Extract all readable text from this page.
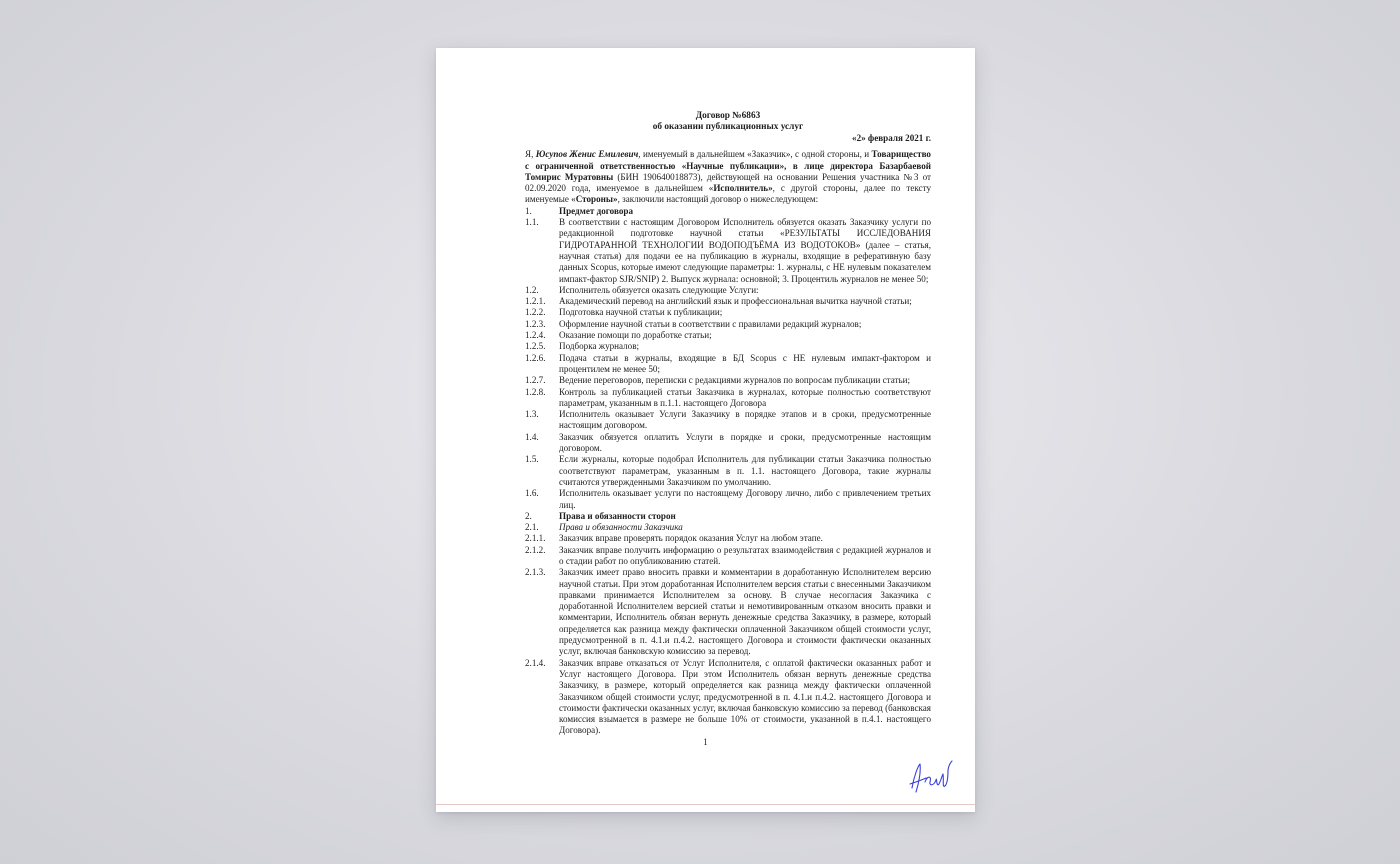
Договор №6863
об оказании публикационных услуг
«2» февраля 2021 г.
Я, Юсупов Женис Емилевич, именуемый в дальнейшем «Заказчик», с одной стороны, и Товарищество с ограниченной ответственностью «Научные публикации», в лице директора Базарбаевой Томирис Муратовны (БИН 190640018873), действующей на основании Решения участника №3 от 02.09.2020 года, именуемое в дальнейшем «Исполнитель», с другой стороны, далее по тексту именуемые «Стороны», заключили настоящий договор о нижеследующем:
1.	Предмет договора
1.1.	В соответствии с настоящим Договором Исполнитель обязуется оказать Заказчику услуги по редакционной подготовке научной статьи «РЕЗУЛЬТАТЫ ИССЛЕДОВАНИЯ ГИДРОТАРАННОЙ ТЕХНОЛОГИИ ВОДОПОДЪЁМА ИЗ ВОДОТОКОВ» (далее – статья, научная статья) для подачи ее на публикацию в журналы, входящие в реферативную базу данных Scopus, которые имеют следующие параметры: 1. журналы, с НЕ нулевым показателем импакт-фактор SJR/SNIP) 2. Выпуск журнала: основной; 3. Процентиль журналов не менее 50;
1.2.	Исполнитель обязуется оказать следующие Услуги:
1.2.1.	Академический перевод на английский язык и профессиональная вычитка научной статьи;
1.2.2.	Подготовка научной статьи к публикации;
1.2.3.	Оформление научной статьи в соответствии с правилами редакций журналов;
1.2.4.	Оказание помощи по доработке статьи;
1.2.5.	Подборка журналов;
1.2.6.	Подача статьи в журналы, входящие в БД Scopus с НЕ нулевым импакт-фактором и процентилем не менее 50;
1.2.7.	Ведение переговоров, переписки с редакциями журналов по вопросам публикации статьи;
1.2.8.	Контроль за публикацией статьи Заказчика в журналах, которые полностью соответствуют параметрам, указанным в п.1.1. настоящего Договора
1.3.	Исполнитель оказывает Услуги Заказчику в порядке этапов и в сроки, предусмотренные настоящим договором.
1.4.	Заказчик обязуется оплатить Услуги в порядке и сроки, предусмотренные настоящим договором.
1.5.	Если журналы, которые подобрал Исполнитель для публикации статьи Заказчика полностью соответствуют параметрам, указанным в п. 1.1. настоящего Договора, такие журналы считаются утвержденными Заказчиком по умолчанию.
1.6.	Исполнитель оказывает услуги по настоящему Договору лично, либо с привлечением третьих лиц.
2.	Права и обязанности сторон
2.1.	Права и обязанности Заказчика
2.1.1.	Заказчик вправе проверять порядок оказания Услуг на любом этапе.
2.1.2.	Заказчик вправе получить информацию о результатах взаимодействия с редакцией журналов и о стадии работ по опубликованию статей.
2.1.3.	Заказчик имеет право вносить правки и комментарии в доработанную Исполнителем версию научной статьи. При этом доработанная Исполнителем версия статьи с внесенными Заказчиком правками принимается Исполнителем за основу. В случае несогласия Заказчика с доработанной Исполнителем версией статьи и немотивированным отказом вносить правки и комментарии, Исполнитель обязан вернуть денежные средства Заказчику, в размере, который определяется как разница между фактически оплаченной Заказчиком общей стоимости услуг, предусмотренной в п. 4.1.и п.4.2. настоящего Договора и стоимости фактически оказанных услуг, включая банковскую комиссию за перевод.
2.1.4.	Заказчик вправе отказаться от Услуг Исполнителя, с оплатой фактически оказанных работ и Услуг настоящего Договора. При этом Исполнитель обязан вернуть денежные средства Заказчику, в размере, который определяется как разница между фактически оплаченной Заказчиком общей стоимости услуг, предусмотренной в п. 4.1.и п.4.2. настоящего Договора и стоимости фактически оказанных услуг, включая банковскую комиссию за перевод (банковская комиссия взымается в размере не больше 10% от стоимости, указанной в п.4.1. настоящего Договора).
1
